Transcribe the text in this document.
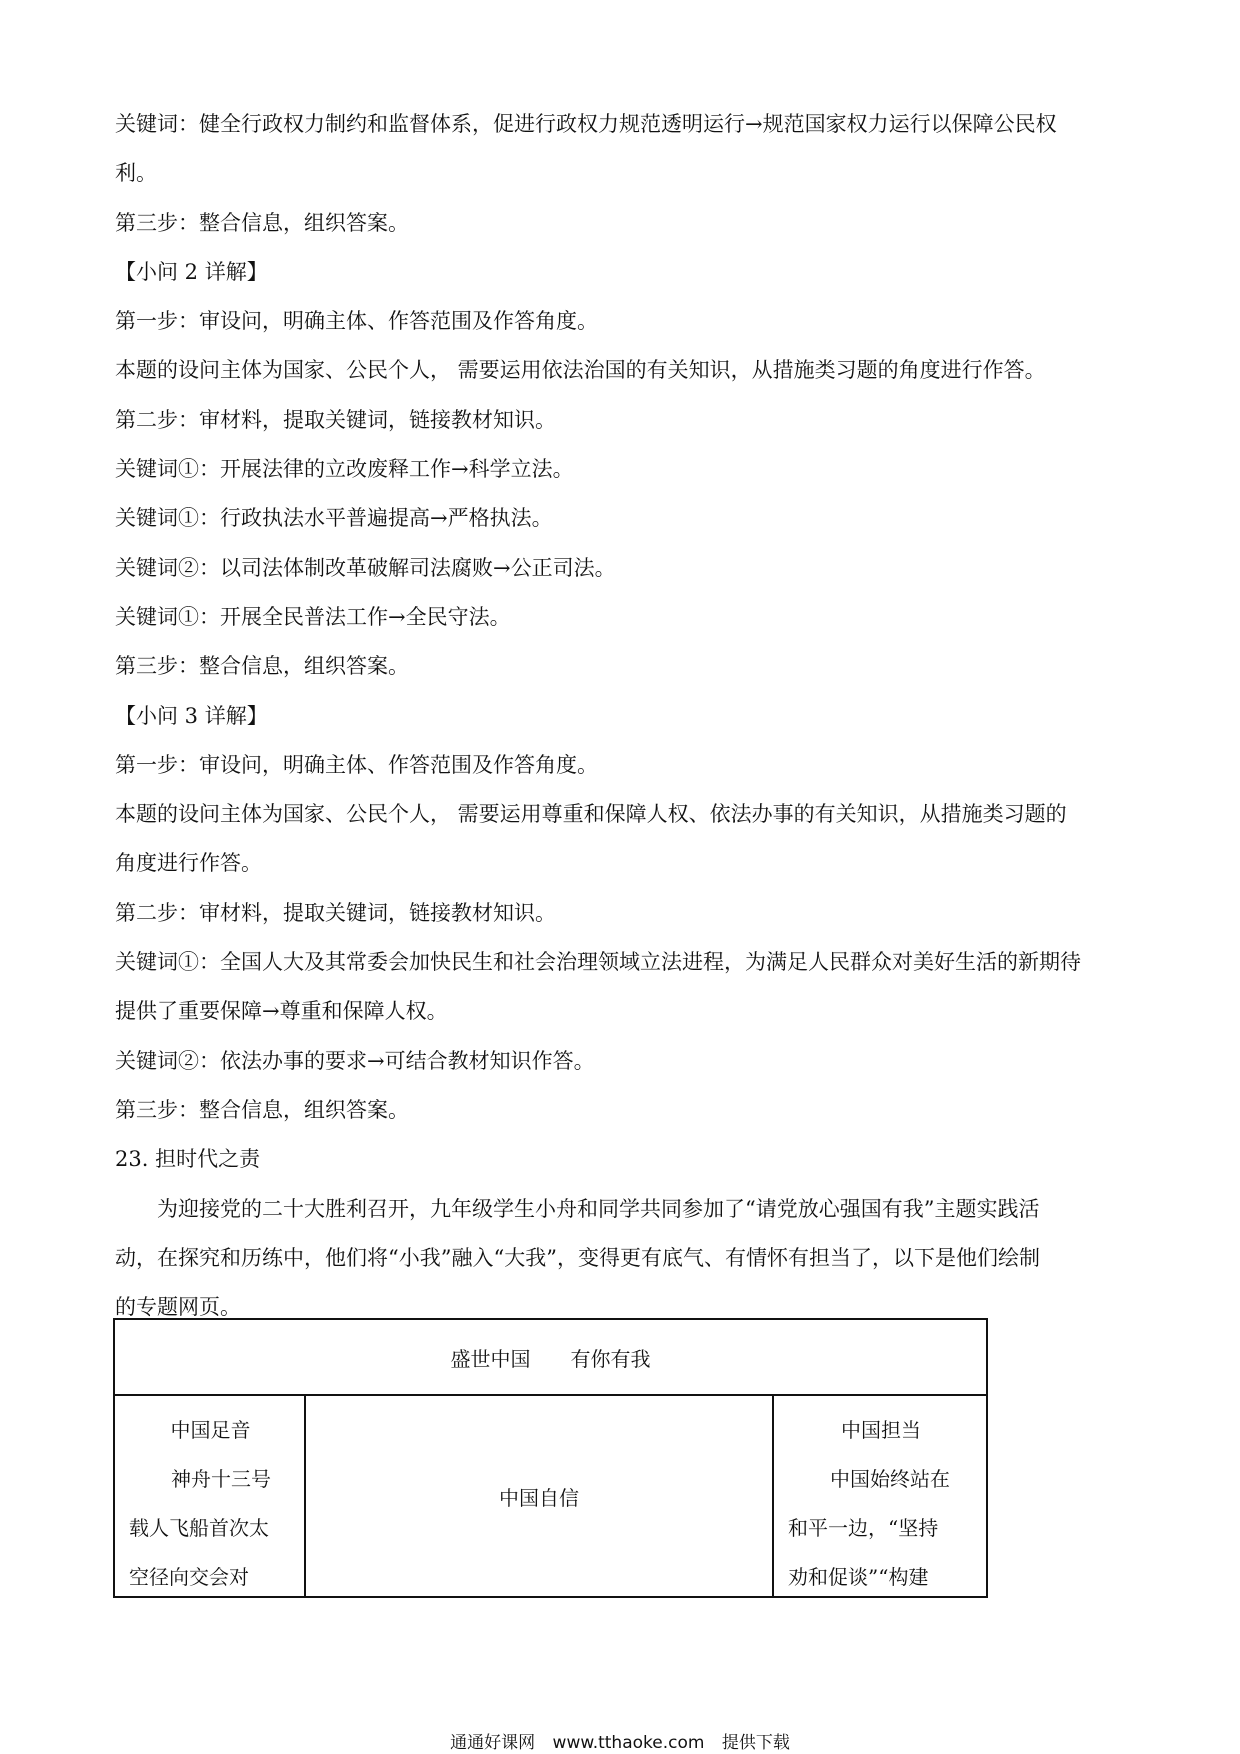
关键词：健全行政权力制约和监督体系，促进行政权力规范透明运行→规范国家权力运行以保障公民权
利。
第三步：整合信息，组织答案。
【小问 2 详解】
第一步：审设问，明确主体、作答范围及作答角度。
本题的设问主体为国家、公民个人， 需要运用依法治国的有关知识，从措施类习题的角度进行作答。
第二步：审材料，提取关键词，链接教材知识。
关键词①：开展法律的立改废释工作→科学立法。
关键词①：行政执法水平普遍提高→严格执法。
关键词②：以司法体制改革破解司法腐败→公正司法。
关键词①：开展全民普法工作→全民守法。
第三步：整合信息，组织答案。
【小问 3 详解】
第一步：审设问，明确主体、作答范围及作答角度。
本题的设问主体为国家、公民个人， 需要运用尊重和保障人权、依法办事的有关知识，从措施类习题的
角度进行作答。
第二步：审材料，提取关键词，链接教材知识。
关键词①：全国人大及其常委会加快民生和社会治理领域立法进程，为满足人民群众对美好生活的新期待
提供了重要保障→尊重和保障人权。
关键词②：依法办事的要求→可结合教材知识作答。
第三步：整合信息，组织答案。
23. 担时代之责
为迎接党的二十大胜利召开，九年级学生小舟和同学共同参加了“请党放心强国有我”主题实践活
动，在探究和历练中，他们将“小我”融入“大我”，变得更有底气、有情怀有担当了，以下是他们绘制
的专题网页。
盛世中国 有你有我
中国足音
神舟十三号
载人飞船首次太
空径向交会对
中国自信
中国担当
中国始终站在
和平一边，“坚持
劝和促谈”“构建
通通好课网 www.tthaoke.com 提供下载
